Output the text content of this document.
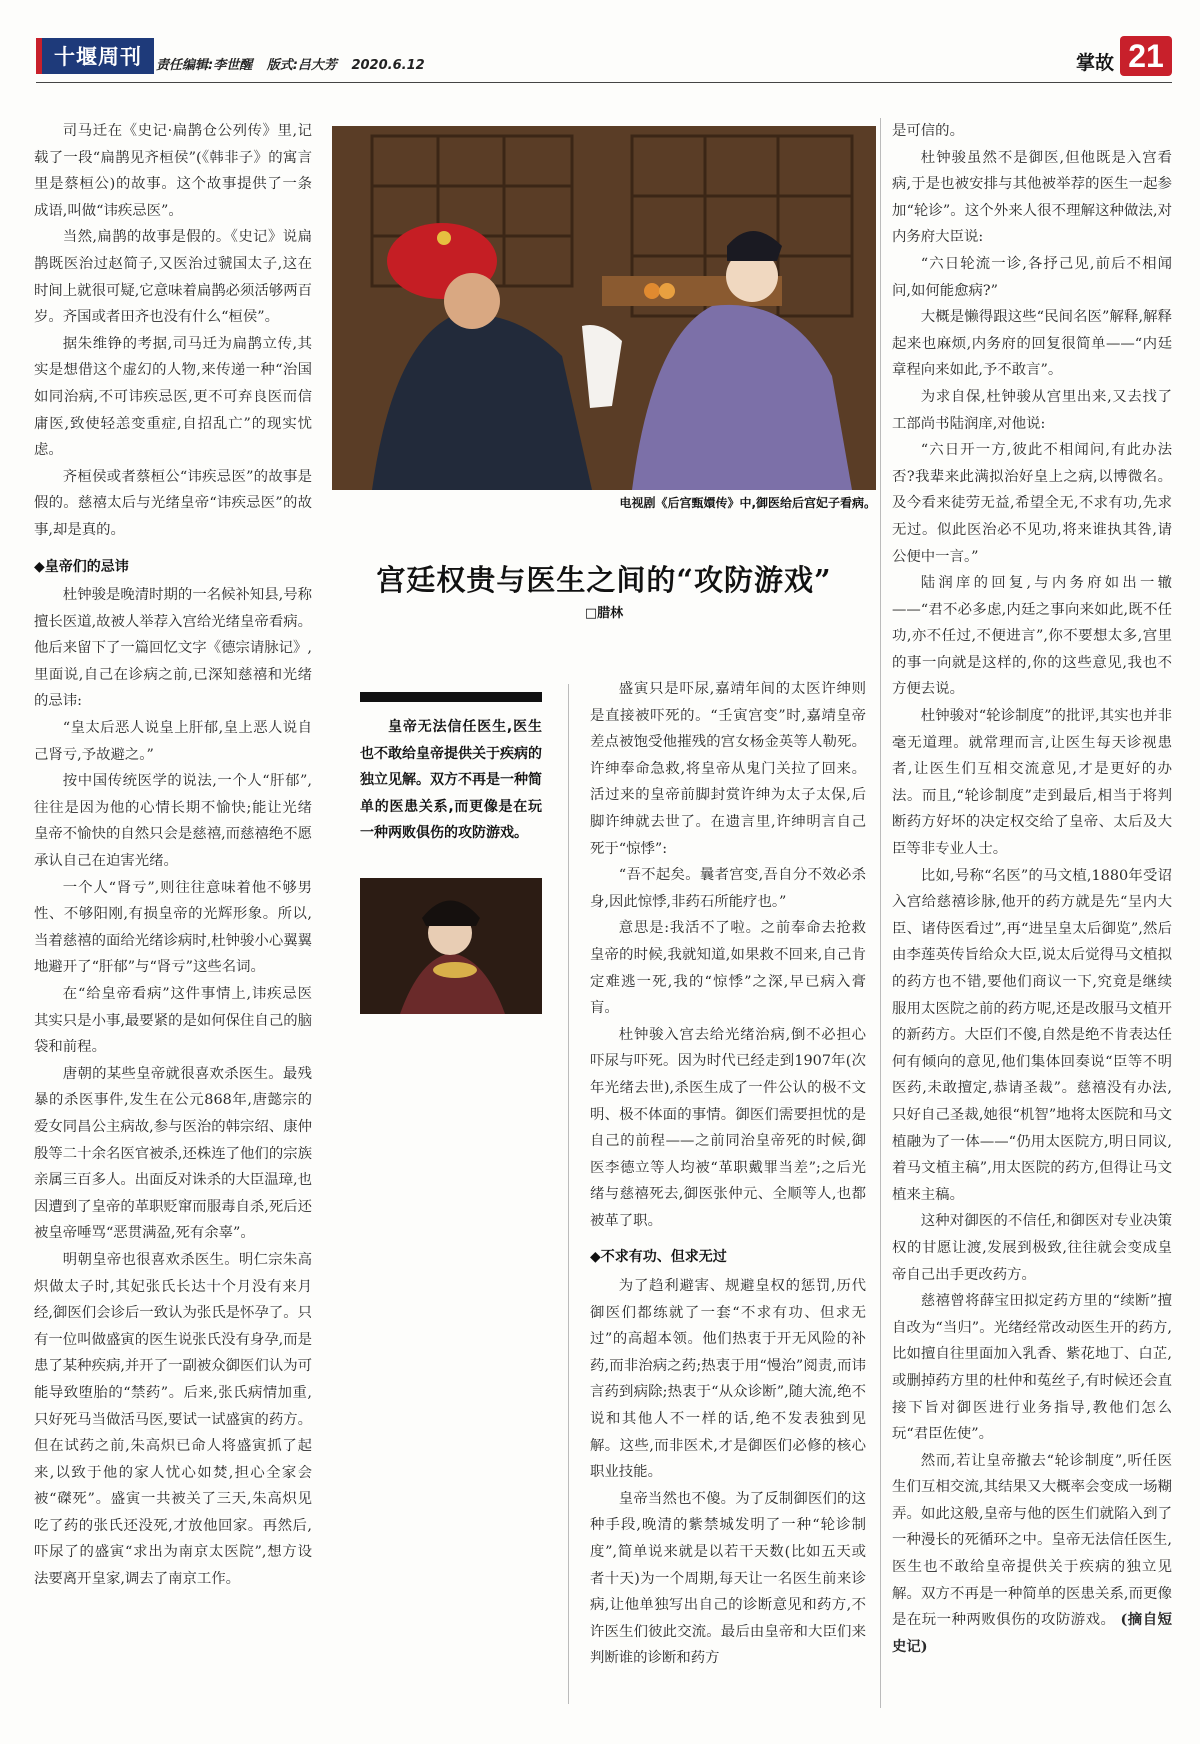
十堰周刊	责任编辑:李世醒 版式:吕大芳 2020.6.12	掌故 21

司马迁在《史记·扁鹊仓公列传》里,记载了一段“扁鹊见齐桓侯”(《韩非子》的寓言里是蔡桓公)的故事。这个故事提供了一条成语,叫做“讳疾忌医”。

当然,扁鹊的故事是假的。《史记》说扁鹊既医治过赵简子,又医治过虢国太子,这在时间上就很可疑,它意味着扁鹊必须活够两百岁。齐国或者田齐也没有什么“桓侯”。

据朱维铮的考据,司马迁为扁鹊立传,其实是想借这个虚幻的人物,来传递一种“治国如同治病,不可讳疾忌医,更不可弃良医而信庸医,致使轻恙变重症,自招乱亡”的现实忧虑。

齐桓侯或者蔡桓公“讳疾忌医”的故事是假的。慈禧太后与光绪皇帝“讳疾忌医”的故事,却是真的。

◆皇帝们的忌讳

杜钟骏是晚清时期的一名候补知县,号称擅长医道,故被人举荐入宫给光绪皇帝看病。他后来留下了一篇回忆文字《德宗请脉记》,里面说,自己在诊病之前,已深知慈禧和光绪的忌讳:

“皇太后恶人说皇上肝郁,皇上恶人说自己肾亏,予故避之。”

按中国传统医学的说法,一个人“肝郁”,往往是因为他的心情长期不愉快;能让光绪皇帝不愉快的自然只会是慈禧,而慈禧绝不愿承认自己在迫害光绪。

一个人“肾亏”,则往往意味着他不够男性、不够阳刚,有损皇帝的光辉形象。所以,当着慈禧的面给光绪诊病时,杜钟骏小心翼翼地避开了“肝郁”与“肾亏”这些名词。

在“给皇帝看病”这件事情上,讳疾忌医其实只是小事,最要紧的是如何保住自己的脑袋和前程。

唐朝的某些皇帝就很喜欢杀医生。最残暴的杀医事件,发生在公元868年,唐懿宗的爱女同昌公主病故,参与医治的韩宗绍、康仲殷等二十余名医官被杀,还株连了他们的宗族亲属三百多人。出面反对诛杀的大臣温璋,也因遭到了皇帝的革职贬窜而服毒自杀,死后还被皇帝唾骂“恶贯满盈,死有余辜”。

明朝皇帝也很喜欢杀医生。明仁宗朱高炽做太子时,其妃张氏长达十个月没有来月经,御医们会诊后一致认为张氏是怀孕了。只有一位叫做盛寅的医生说张氏没有身孕,而是患了某种疾病,并开了一副被众御医们认为可能导致堕胎的“禁药”。后来,张氏病情加重,只好死马当做活马医,要试一试盛寅的药方。但在试药之前,朱高炽已命人将盛寅抓了起来,以致于他的家人忧心如焚,担心全家会被“磔死”。盛寅一共被关了三天,朱高炽见吃了药的张氏还没死,才放他回家。再然后,吓尿了的盛寅“求出为南京太医院”,想方设法要离开皇家,调去了南京工作。

电视剧《后宫甄嬛传》中,御医给后宫妃子看病。
宫廷权贵与医生之间的“攻防游戏”
□腊林
皇帝无法信任医生,医生也不敢给皇帝提供关于疾病的独立见解。双方不再是一种简单的医患关系,而更像是在玩一种两败俱伤的攻防游戏。

盛寅只是吓尿,嘉靖年间的太医许绅则是直接被吓死的。“壬寅宫变”时,嘉靖皇帝差点被饱受他摧残的宫女杨金英等人勒死。许绅奉命急救,将皇帝从鬼门关拉了回来。活过来的皇帝前脚封赏许绅为太子太保,后脚许绅就去世了。在遗言里,许绅明言自己死于“惊悸”:

“吾不起矣。曩者宫变,吾自分不效必杀身,因此惊悸,非药石所能疗也。”

意思是:我活不了啦。之前奉命去抢救皇帝的时候,我就知道,如果救不回来,自己肯定难逃一死,我的“惊悸”之深,早已病入膏肓。

杜钟骏入宫去给光绪治病,倒不必担心吓尿与吓死。因为时代已经走到1907年(次年光绪去世),杀医生成了一件公认的极不文明、极不体面的事情。御医们需要担忧的是自己的前程——之前同治皇帝死的时候,御医李德立等人均被“革职戴罪当差”;之后光绪与慈禧死去,御医张仲元、全顺等人,也都被革了职。

◆不求有功、但求无过

为了趋利避害、规避皇权的惩罚,历代御医们都练就了一套“不求有功、但求无过”的高超本领。他们热衷于开无风险的补药,而非治病之药;热衷于用“慢治”阅责,而讳言药到病除;热衷于“从众诊断”,随大流,绝不说和其他人不一样的话,绝不发表独到见解。这些,而非医术,才是御医们必修的核心职业技能。

皇帝当然也不傻。为了反制御医们的这种手段,晚清的紫禁城发明了一种“轮诊制度”,简单说来就是以若干天数(比如五天或者十天)为一个周期,每天让一名医生前来诊病,让他单独写出自己的诊断意见和药方,不许医生们彼此交流。最后由皇帝和大臣们来判断谁的诊断和药方

是可信的。

杜钟骏虽然不是御医,但他既是入宫看病,于是也被安排与其他被举荐的医生一起参加“轮诊”。这个外来人很不理解这种做法,对内务府大臣说:

“六日轮流一诊,各抒己见,前后不相闻问,如何能愈病?”

大概是懒得跟这些“民间名医”解释,解释起来也麻烦,内务府的回复很简单——“内廷章程向来如此,予不敢言”。

为求自保,杜钟骏从宫里出来,又去找了工部尚书陆润庠,对他说:

“六日开一方,彼此不相闻问,有此办法否?我辈来此满拟治好皇上之病,以博微名。及今看来徒劳无益,希望全无,不求有功,先求无过。似此医治必不见功,将来谁执其咎,请公便中一言。”

陆润庠的回复,与内务府如出一辙——“君不必多虑,内廷之事向来如此,既不任功,亦不任过,不便进言”,你不要想太多,宫里的事一向就是这样的,你的这些意见,我也不方便去说。

杜钟骏对“轮诊制度”的批评,其实也并非毫无道理。就常理而言,让医生每天诊视患者,让医生们互相交流意见,才是更好的办法。而且,“轮诊制度”走到最后,相当于将判断药方好坏的决定权交给了皇帝、太后及大臣等非专业人士。

比如,号称“名医”的马文植,1880年受诏入宫给慈禧诊脉,他开的药方就是先“呈内大臣、诸侍医看过”,再“进呈皇太后御览”,然后由李莲英传旨给众大臣,说太后觉得马文植拟的药方也不错,要他们商议一下,究竟是继续服用太医院之前的药方呢,还是改服马文植开的新药方。大臣们不傻,自然是绝不肯表达任何有倾向的意见,他们集体回奏说“臣等不明医药,未敢擅定,恭请圣裁”。慈禧没有办法,只好自己圣裁,她很“机智”地将太医院和马文植融为了一体——“仍用太医院方,明日同议,着马文植主稿”,用太医院的药方,但得让马文植来主稿。

这种对御医的不信任,和御医对专业决策权的甘愿让渡,发展到极致,往往就会变成皇帝自己出手更改药方。

慈禧曾将薛宝田拟定药方里的“续断”擅自改为“当归”。光绪经常改动医生开的药方,比如擅自往里面加入乳香、紫花地丁、白芷,或删掉药方里的杜仲和菟丝子,有时候还会直接下旨对御医进行业务指导,教他们怎么玩“君臣佐使”。

然而,若让皇帝撤去“轮诊制度”,听任医生们互相交流,其结果又大概率会变成一场糊弄。如此这般,皇帝与他的医生们就陷入到了一种漫长的死循环之中。皇帝无法信任医生,医生也不敢给皇帝提供关于疾病的独立见解。双方不再是一种简单的医患关系,而更像是在玩一种两败俱伤的攻防游戏。 (摘自短史记)
